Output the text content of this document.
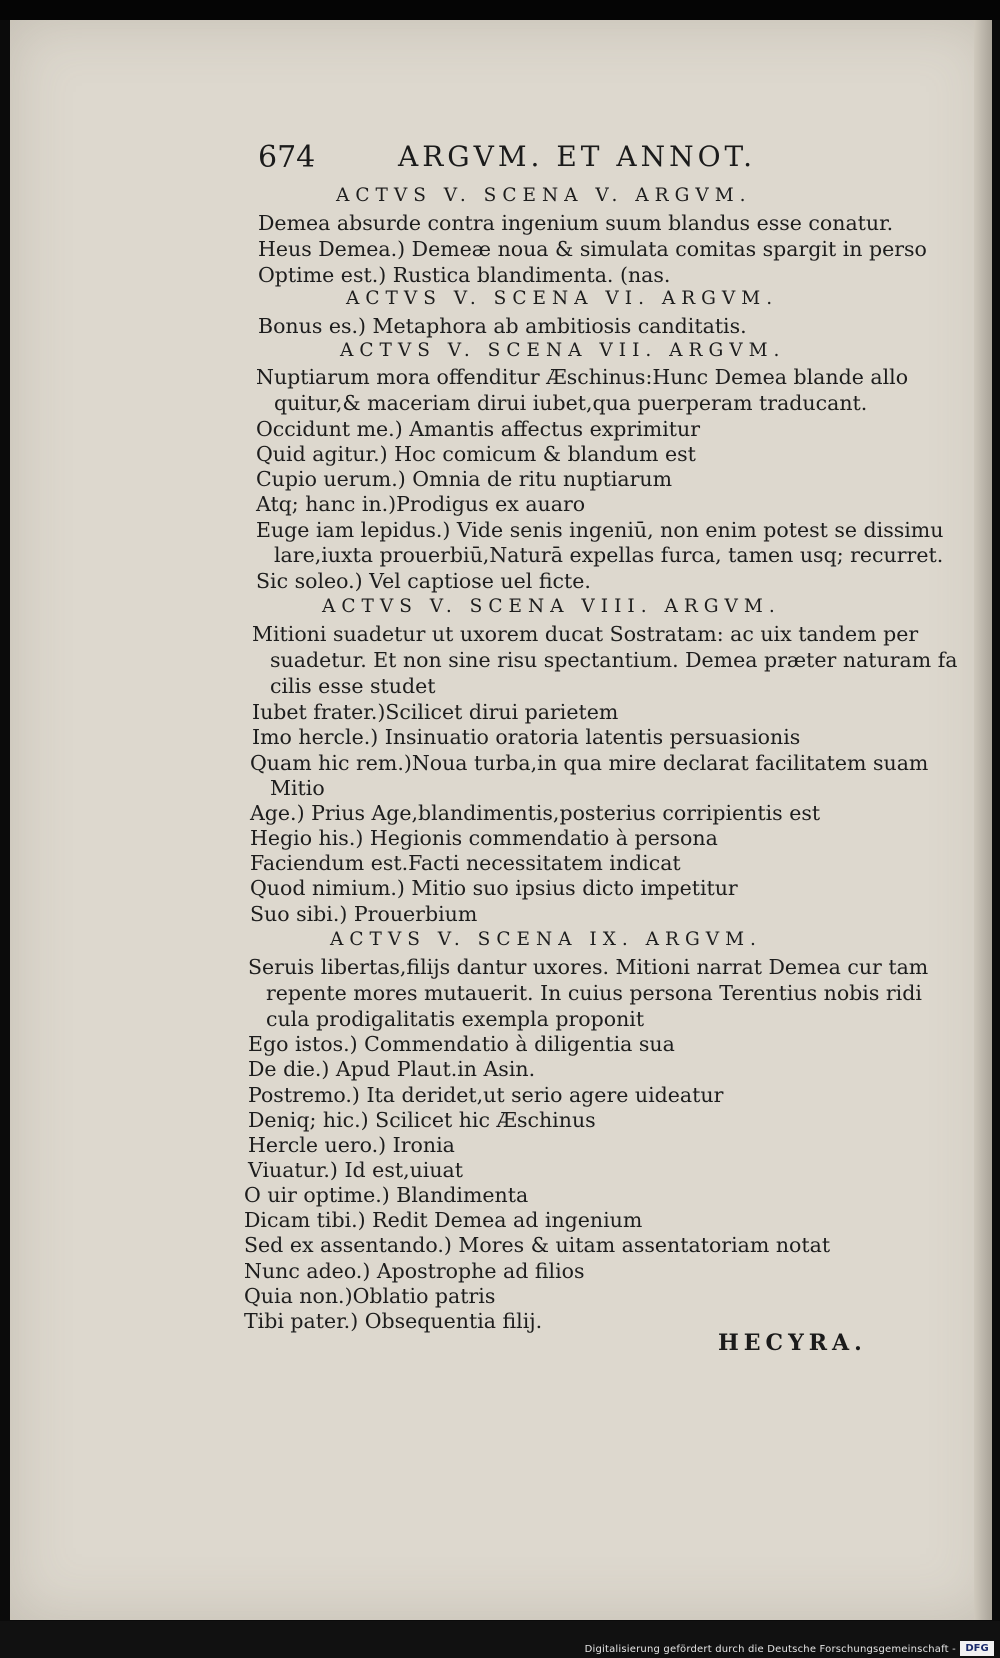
674	ARGVM. ET ANNOT.
ACTVS V. SCENA V. ARGVM.
Demea absurde contra ingenium suum blandus esse conatur.
Heus Demea.) Demeæ noua & simulata comitas spargit in perso
Optime est.) Rustica blandimenta. (nas.
ACTVS V. SCENA VI. ARGVM.
Bonus es.) Metaphora ab ambitiosis canditatis.
ACTVS V. SCENA VII. ARGVM.
Nuptiarum mora offenditur Æschinus:Hunc Demea blande allo
quitur,& maceriam dirui iubet,qua puerperam traducant.
Occidunt me.) Amantis affectus exprimitur
Quid agitur.) Hoc comicum & blandum est
Cupio uerum.) Omnia de ritu nuptiarum
Atq; hanc in.)Prodigus ex auaro
Euge iam lepidus.) Vide senis ingeniū, non enim potest se dissimu
lare,iuxta prouerbiū,Naturā expellas furca, tamen usq; recurret.
Sic soleo.) Vel captiose uel ficte.
ACTVS V. SCENA VIII. ARGVM.
Mitioni suadetur ut uxorem ducat Sostratam: ac uix tandem per
suadetur. Et non sine risu spectantium. Demea præter naturam fa
cilis esse studet
Iubet frater.)Scilicet dirui parietem
Imo hercle.) Insinuatio oratoria latentis persuasionis
Quam hic rem.)Noua turba,in qua mire declarat facilitatem suam
Mitio
Age.) Prius Age,blandimentis,posterius corripientis est
Hegio his.) Hegionis commendatio à persona
Faciendum est.Facti necessitatem indicat
Quod nimium.) Mitio suo ipsius dicto impetitur
Suo sibi.) Prouerbium
ACTVS V. SCENA IX. ARGVM.
Seruis libertas,filijs dantur uxores. Mitioni narrat Demea cur tam
repente mores mutauerit. In cuius persona Terentius nobis ridi
cula prodigalitatis exempla proponit
Ego istos.) Commendatio à diligentia sua
De die.) Apud Plaut.in Asin.
Postremo.) Ita deridet,ut serio agere uideatur
Deniq; hic.) Scilicet hic Æschinus
Hercle uero.) Ironia
Viuatur.) Id est,uiuat
O uir optime.) Blandimenta
Dicam tibi.) Redit Demea ad ingenium
Sed ex assentando.) Mores & uitam assentatoriam notat
Nunc adeo.) Apostrophe ad filios
Quia non.)Oblatio patris
Tibi pater.) Obsequentia filij.
HECYRA.
Digitalisierung gefördert durch die Deutsche Forschungsgemeinschaft - DFG
